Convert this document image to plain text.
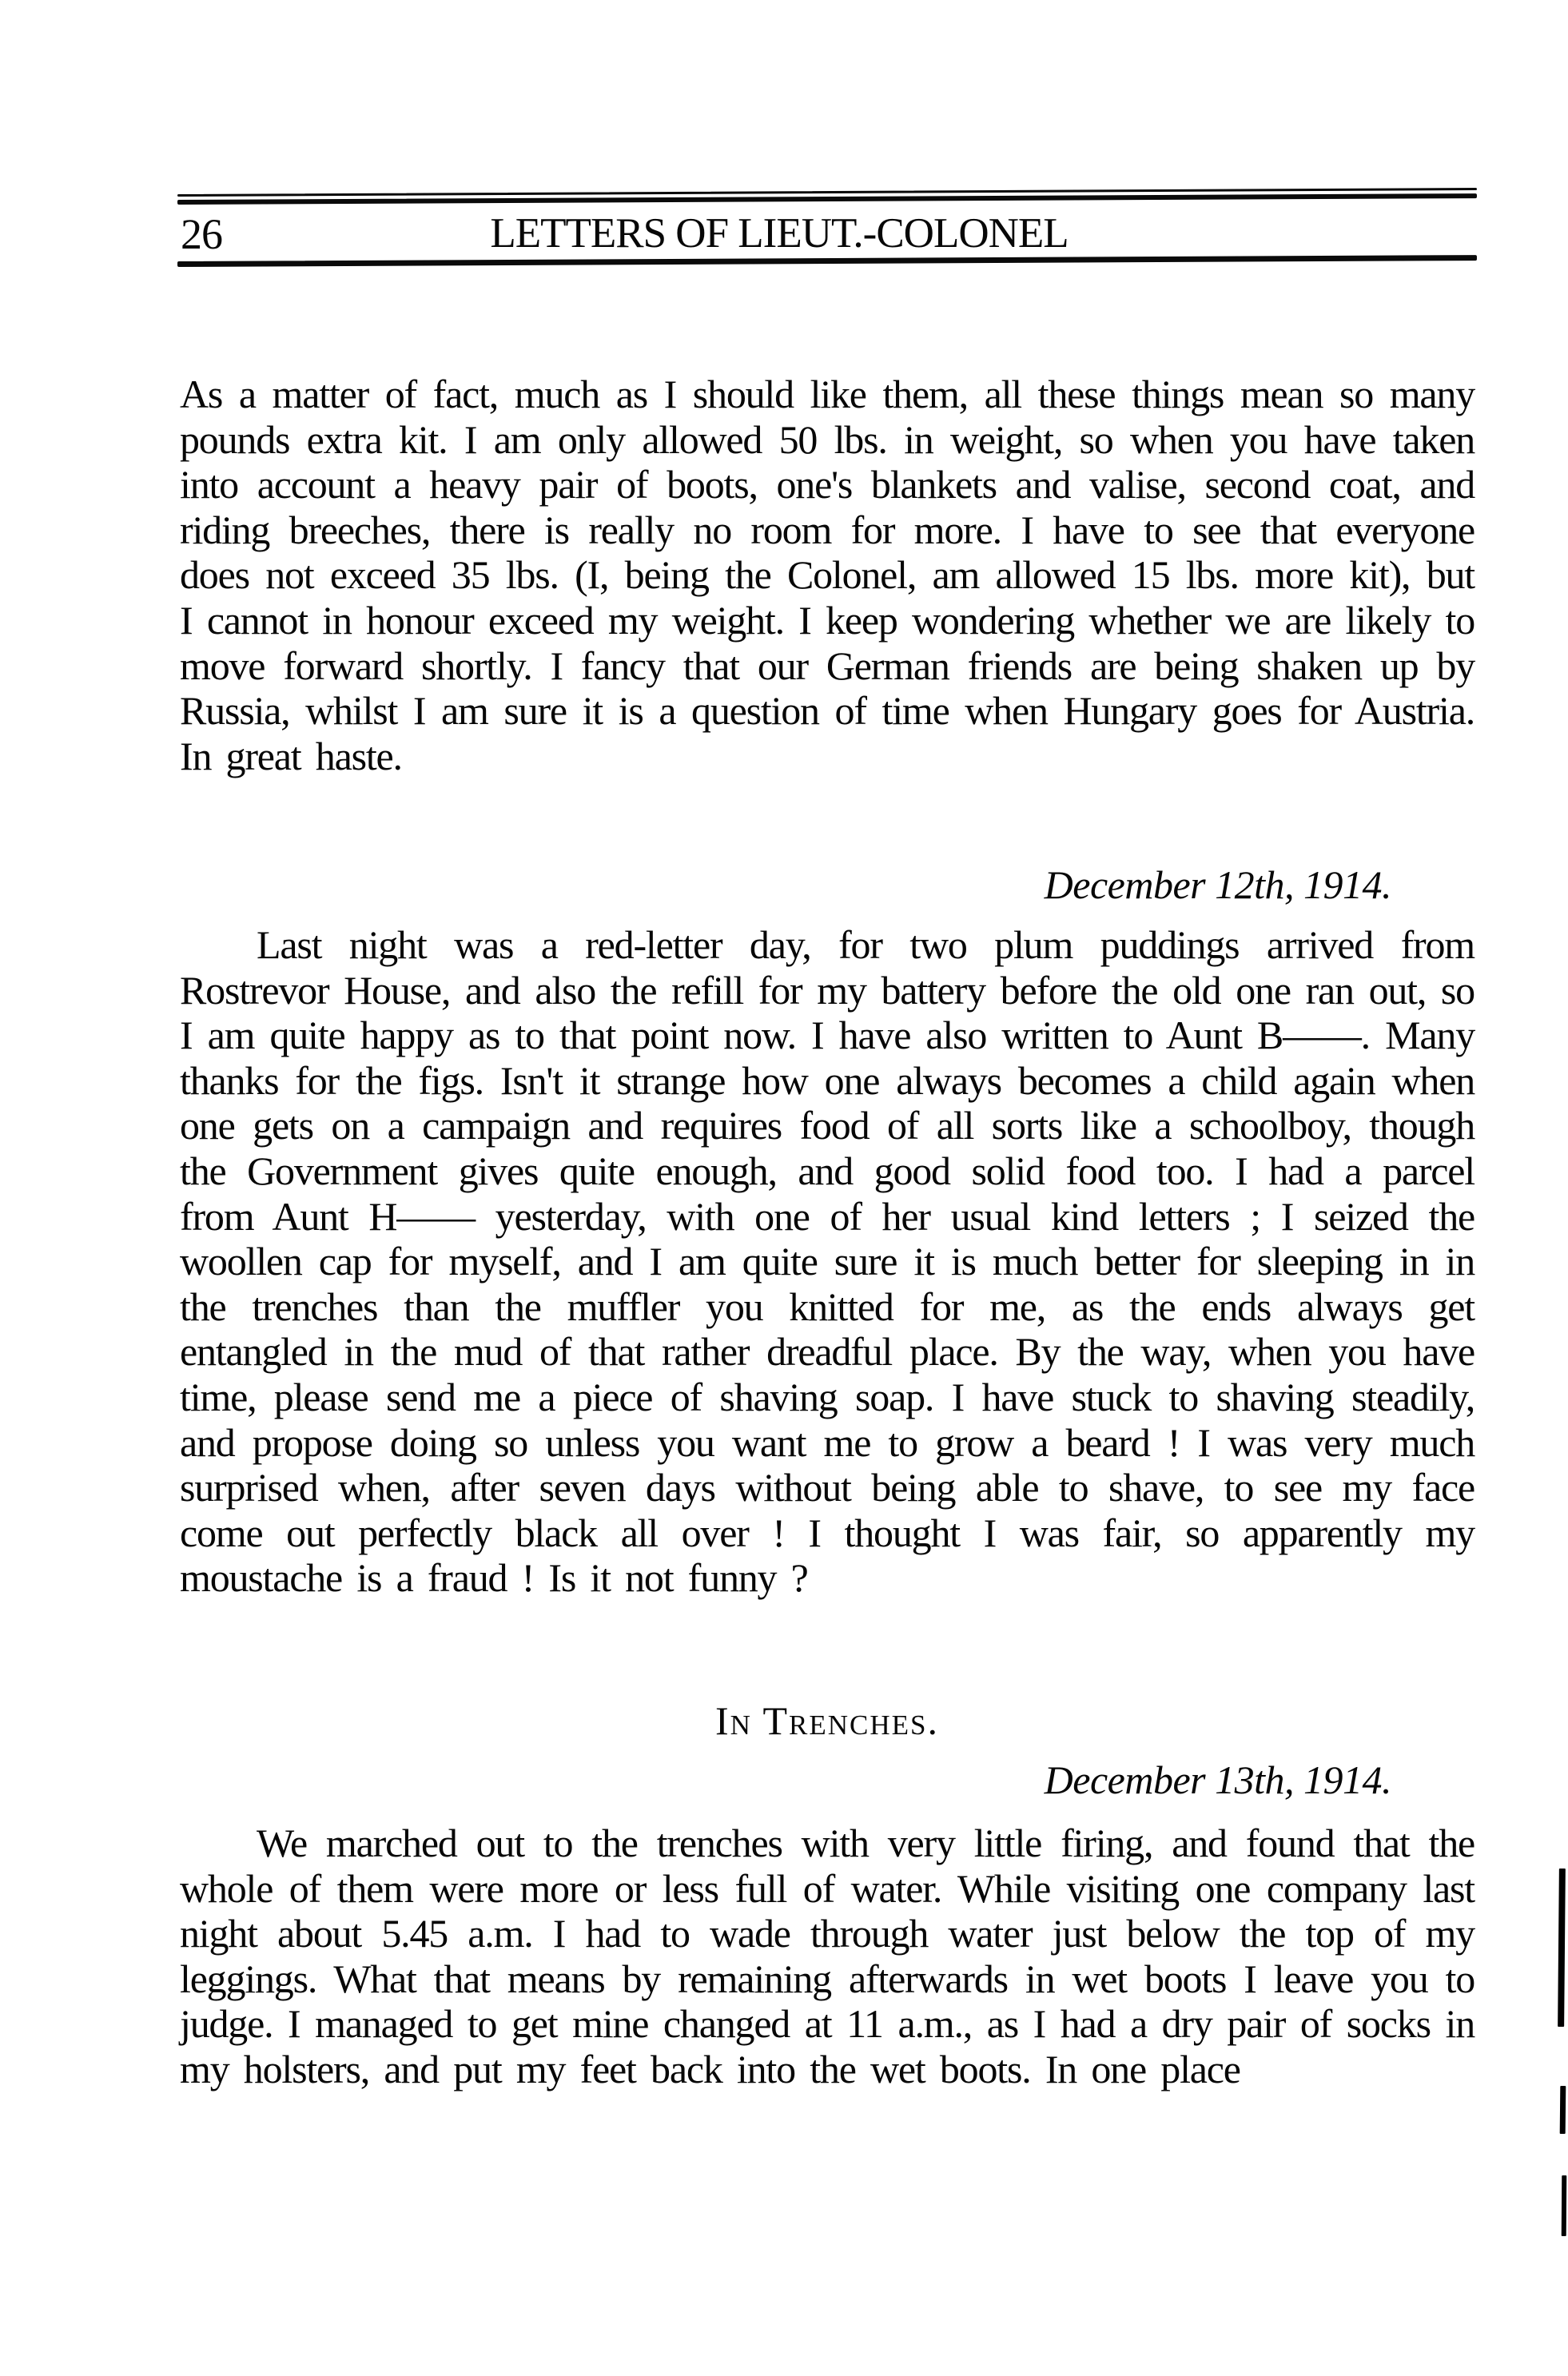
26	LETTERS OF LIEUT.-COLONEL

As a matter of fact, much as I should like them, all these things mean so many pounds extra kit. I am only allowed 50 lbs. in weight, so when you have taken into account a heavy pair of boots, one's blankets and valise, second coat, and riding breeches, there is really no room for more. I have to see that everyone does not exceed 35 lbs. (I, being the Colonel, am allowed 15 lbs. more kit), but I cannot in honour exceed my weight. I keep wondering whether we are likely to move forward shortly. I fancy that our German friends are being shaken up by Russia, whilst I am sure it is a question of time when Hungary goes for Austria. In great haste.

December 12th, 1914.

Last night was a red-letter day, for two plum puddings arrived from Rostrevor House, and also the refill for my battery before the old one ran out, so I am quite happy as to that point now. I have also written to Aunt B——. Many thanks for the figs. Isn't it strange how one always becomes a child again when one gets on a campaign and requires food of all sorts like a schoolboy, though the Government gives quite enough, and good solid food too. I had a parcel from Aunt H—— yesterday, with one of her usual kind letters ; I seized the woollen cap for myself, and I am quite sure it is much better for sleeping in in the trenches than the muffler you knitted for me, as the ends always get entangled in the mud of that rather dreadful place. By the way, when you have time, please send me a piece of shaving soap. I have stuck to shaving steadily, and propose doing so unless you want me to grow a beard ! I was very much surprised when, after seven days without being able to shave, to see my face come out perfectly black all over ! I thought I was fair, so apparently my moustache is a fraud ! Is it not funny ?

In Trenches.

December 13th, 1914.

We marched out to the trenches with very little firing, and found that the whole of them were more or less full of water. While visiting one company last night about 5.45 a.m. I had to wade through water just below the top of my leggings. What that means by remaining afterwards in wet boots I leave you to judge. I managed to get mine changed at 11 a.m., as I had a dry pair of socks in my holsters, and put my feet back into the wet boots. In one place
